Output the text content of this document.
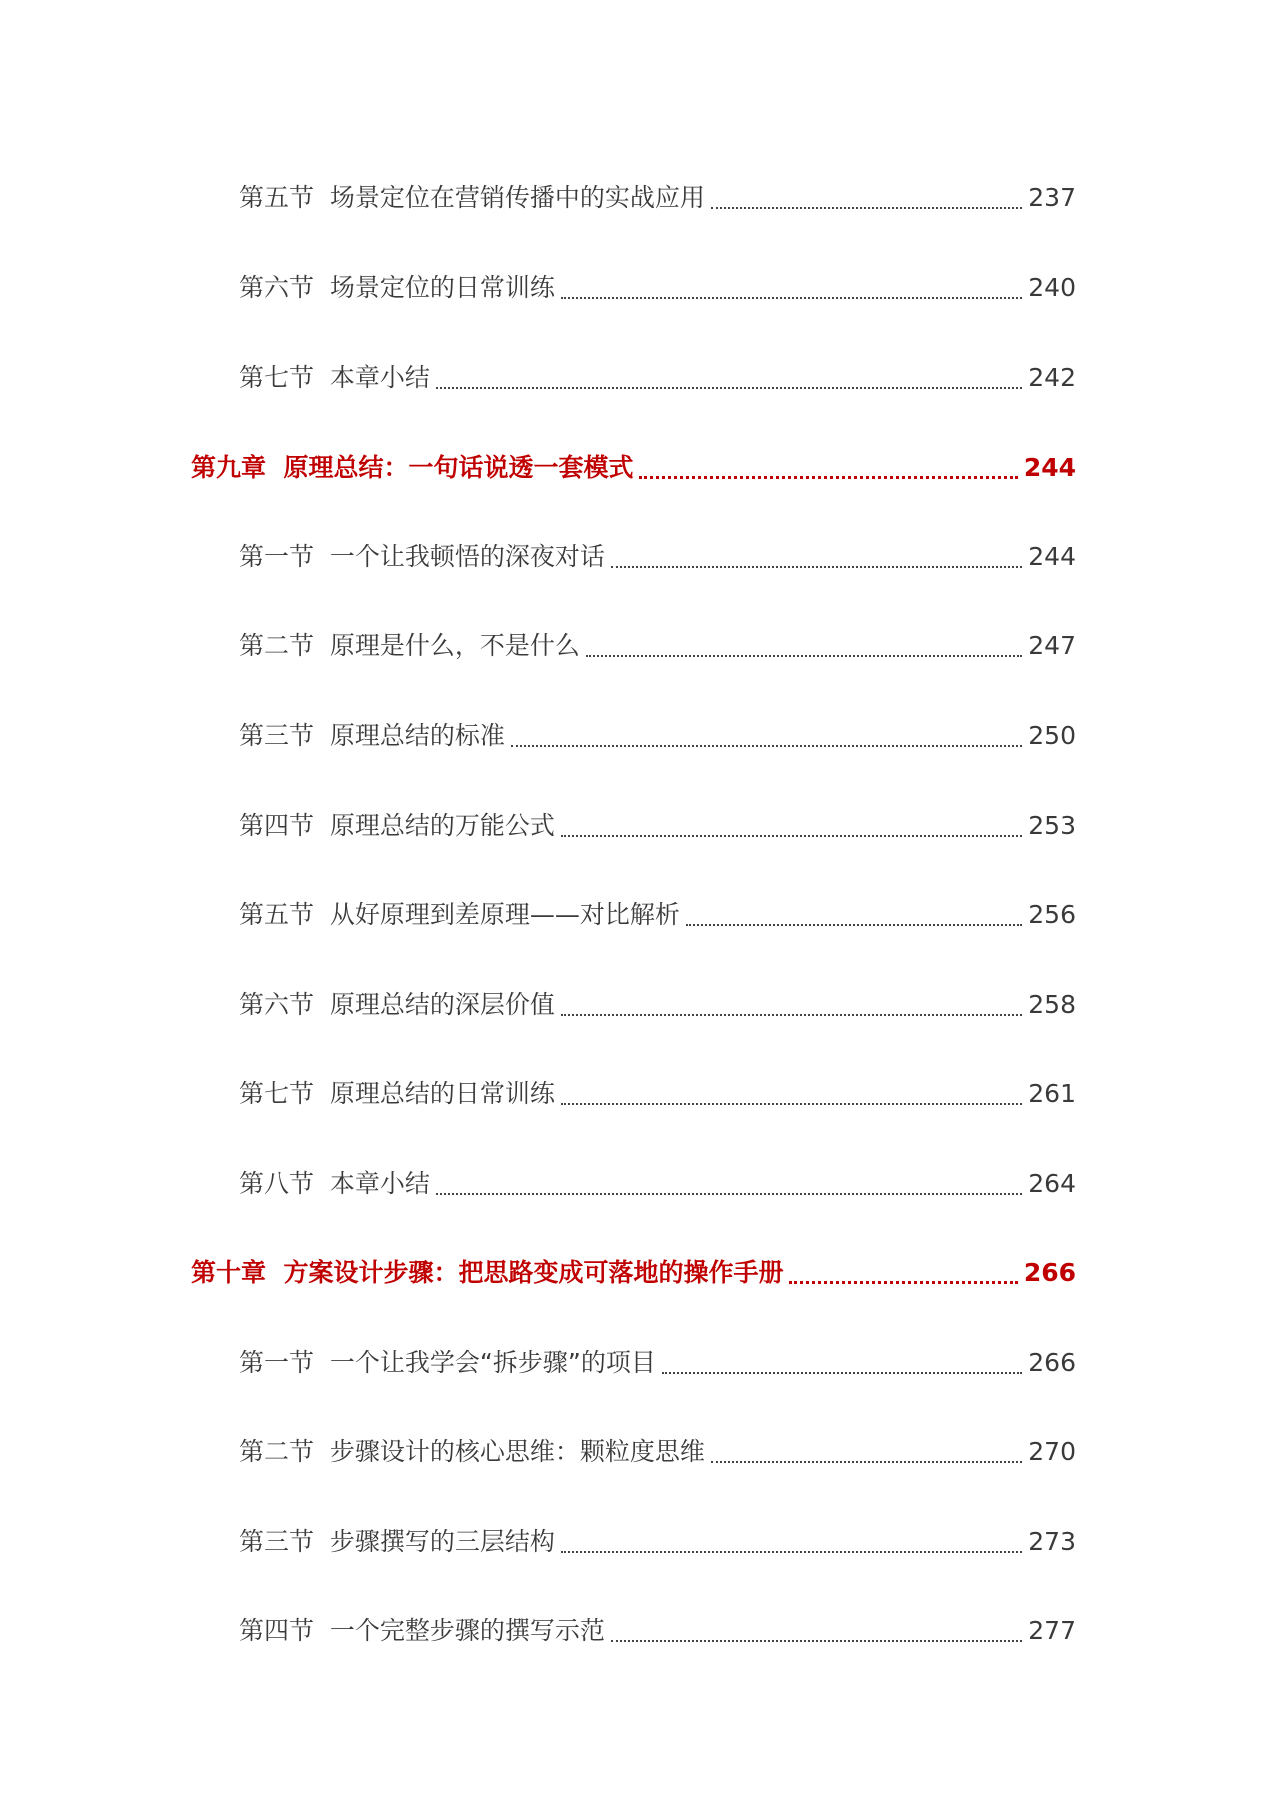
第五节 场景定位在营销传播中的实战应用	237
第六节 场景定位的日常训练	240
第七节 本章小结	242
第九章 原理总结：一句话说透一套模式	244
第一节 一个让我顿悟的深夜对话	244
第二节 原理是什么，不是什么	247
第三节 原理总结的标准	250
第四节 原理总结的万能公式	253
第五节 从好原理到差原理——对比解析	256
第六节 原理总结的深层价值	258
第七节 原理总结的日常训练	261
第八节 本章小结	264
第十章 方案设计步骤：把思路变成可落地的操作手册	266
第一节 一个让我学会“拆步骤”的项目	266
第二节 步骤设计的核心思维：颗粒度思维	270
第三节 步骤撰写的三层结构	273
第四节 一个完整步骤的撰写示范	277
